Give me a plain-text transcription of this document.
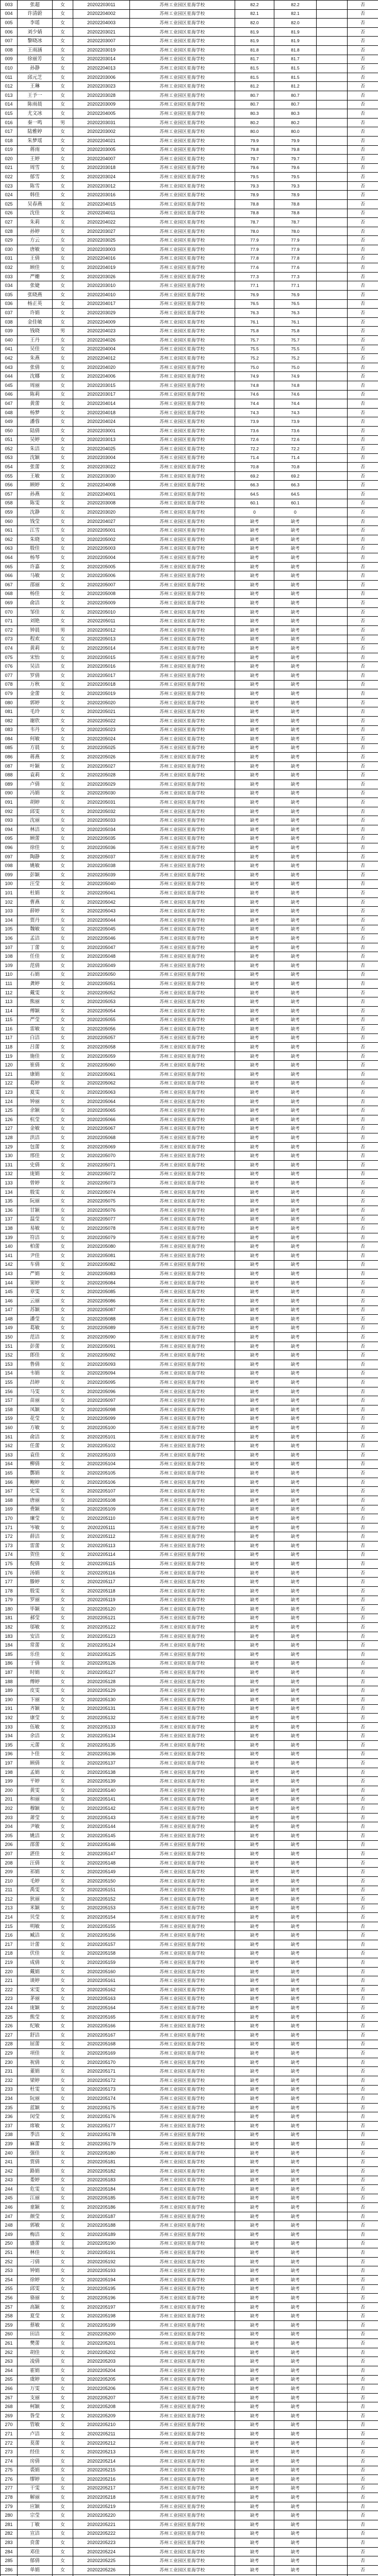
003	张超	女	20202203011	苏州工业园区星海学校	82.2	82.2		否
004	许清蔚	女	20202204002	苏州工业园区星海学校	82.1	82.1		否
005	李瑶	女	20202204003	苏州工业园区星海学校	82.0	82.0		否
006	刘少婧	女	20202203021	苏州工业园区星海学校	81.9	81.9		否
007	黎晓冰	女	20202203007	苏州工业园区星海学校	81.9	81.9		否
008	王雨涵	女	20202203019	苏州工业园区星海学校	81.8	81.8		否
009	徐丽芳	女	20202203014	苏州工业园区星海学校	81.7	81.7		否
010	孙静	女	20202204013	苏州工业园区星海学校	81.5	81.5		否
011	邱元芝	女	20202203006	苏州工业园区星海学校	81.5	81.5		否
012	王琳	女	20202203023	苏州工业园区星海学校	81.2	81.2		否
013	王予一	女	20202203028	苏州工业园区星海学校	80.7	80.7		否
014	陈雨晨	女	20202203009	苏州工业园区星海学校	80.7	80.7		否
015	尤文冰	女	20202204005	苏州工业园区星海学校	80.3	80.3		否
016	秦一鸣	男	20202203031	苏州工业园区星海学校	80.2	80.2		否
017	陆雅婷	女	20202203002	苏州工业园区星海学校	80.0	80.0		否
018	朱梦瑶	女	20202204021	苏州工业园区星海学校	79.9	79.9		否
019	蒋雨	女	20202203005	苏州工业园区星海学校	79.8	79.8		否
020	王婷	女	20202204007	苏州工业园区星海学校	79.7	79.7		否
021	周雪	女	20202203018	苏州工业园区星海学校	79.6	79.6		否
022	郁雪	女	20202203024	苏州工业园区星海学校	79.5	79.5		否
023	陈雪	女	20202203012	苏州工业园区星海学校	79.3	79.3		否
024	韩佳	女	20202203016	苏州工业园区星海学校	78.9	78.9		否
025	吴春燕	女	20202204015	苏州工业园区星海学校	78.8	78.8		否
026	沈佳	女	20202204011	苏州工业园区星海学校	78.8	78.8		否
027	朱莉	女	20202204022	苏州工业园区星海学校	78.7	78.7		否
028	孙婷	女	20202203027	苏州工业园区星海学校	78.0	78.0		否
029	方云	女	20202203025	苏州工业园区星海学校	77.9	77.9		否
030	唐敏	女	20202203003	苏州工业园区星海学校	77.9	77.9		否
031	王倩	女	20202204016	苏州工业园区星海学校	77.8	77.8		否
032	顾佳	女	20202204019	苏州工业园区星海学校	77.6	77.6		否
033	严姗	女	20202203026	苏州工业园区星海学校	77.3	77.3		否
034	张婕	女	20202203010	苏州工业园区星海学校	77.1	77.1		否
035	张晓燕	女	20202204010	苏州工业园区星海学校	76.9	76.9		否
036	杨正英	女	20202204017	苏州工业园区星海学校	76.5	76.5		否
037	许娟	女	20202203029	苏州工业园区星海学校	76.3	76.3		否
038	金佳敏	女	20202204009	苏州工业园区星海学校	76.1	76.1		否
039	钱晓	男	20202204023	苏州工业园区星海学校	75.8	75.8		否
040	王丹	女	20202204026	苏州工业园区星海学校	75.7	75.7		否
041	吴佳	女	20202204004	苏州工业园区星海学校	75.5	75.5		否
042	朱燕	女	20202204012	苏州工业园区星海学校	75.2	75.2		否
043	张倩	女	20202204020	苏州工业园区星海学校	75.0	75.0		否
044	沈娜	女	20202204006	苏州工业园区星海学校	74.9	74.9		否
045	周丽	女	20202203015	苏州工业园区星海学校	74.8	74.8		否
046	陈莉	女	20202203017	苏州工业园区星海学校	74.6	74.6		否
047	黄蕾	女	20202204014	苏州工业园区星海学校	74.4	74.4		否
048	杨梦	女	20202204018	苏州工业园区星海学校	74.3	74.3		否
049	潘蓉	女	20202204024	苏州工业园区星海学校	73.9	73.9		否
050	陆倩	女	20202203001	苏州工业园区星海学校	73.6	73.6		否
051	吴婷	女	20202203013	苏州工业园区星海学校	72.6	72.6		否
052	朱洁	女	20202204025	苏州工业园区星海学校	72.2	72.2		否
053	沈颖	女	20202203004	苏州工业园区星海学校	71.4	71.4		否
054	张蕾	女	20202203022	苏州工业园区星海学校	70.8	70.8		否
055	王敏	女	20202203030	苏州工业园区星海学校	69.2	69.2		否
056	顾婷	女	20202204008	苏州工业园区星海学校	66.3	66.3		否
057	孙燕	女	20202204001	苏州工业园区星海学校	64.5	64.5		否
058	陈雯	女	20202203008	苏州工业园区星海学校	60.1	60.1		否
059	沈静	女	20202203020	苏州工业园区星海学校	0	0		否
060	钱莹	女	20202204027	苏州工业园区星海学校	缺考	缺考		否
061	江雪	女	20202205001	苏州工业园区星海学校	缺考	缺考		否
062	朱晓	女	20202205002	苏州工业园区星海学校	缺考	缺考		否
063	殷佳	女	20202205003	苏州工业园区星海学校	缺考	缺考		否
064	杨琴	女	20202205004	苏州工业园区星海学校	缺考	缺考		否
065	许嘉	女	20202205005	苏州工业园区星海学校	缺考	缺考		否
066	马敏	女	20202205006	苏州工业园区星海学校	缺考	缺考		否
067	邵丽	女	20202205007	苏州工业园区星海学校	缺考	缺考		否
068	杨佳	女	20202205008	苏州工业园区星海学校	缺考	缺考		否
069	俞洁	女	20202205009	苏州工业园区星海学校	缺考	缺考		否
070	邹佳	女	20202205010	苏州工业园区星海学校	缺考	缺考		否
071	刘艳	女	20202205011	苏州工业园区星海学校	缺考	缺考		否
072	钟晨	男	20202205012	苏州工业园区星海学校	缺考	缺考		否
073	程欢	女	20202205013	苏州工业园区星海学校	缺考	缺考		否
074	黄莉	女	20202205014	苏州工业园区星海学校	缺考	缺考		否
075	宋怡	女	20202205015	苏州工业园区星海学校	缺考	缺考		否
076	吴洁	女	20202205016	苏州工业园区星海学校	缺考	缺考		否
077	罗倩	女	20202205017	苏州工业园区星海学校	缺考	缺考		否
078	万秋	女	20202205018	苏州工业园区星海学校	缺考	缺考		否
079	金蕾	女	20202205019	苏州工业园区星海学校	缺考	缺考		否
080	郭婷	女	20202205020	苏州工业园区星海学校	缺考	缺考		否
081	毛玲	女	20202205021	苏州工业园区星海学校	缺考	缺考		否
082	谢欣	女	20202205022	苏州工业园区星海学校	缺考	缺考		否
083	韦丹	女	20202205023	苏州工业园区星海学校	缺考	缺考		否
084	何敏	女	20202205024	苏州工业园区星海学校	缺考	缺考		否
085	方晨	女	20202205025	苏州工业园区星海学校	缺考	缺考		否
086	蒋燕	女	20202205026	苏州工业园区星海学校	缺考	缺考		否
087	叶颖	女	20202205027	苏州工业园区星海学校	缺考	缺考		否
088	袁莉	女	20202205028	苏州工业园区星海学校	缺考	缺考		否
089	卢倩	女	20202205029	苏州工业园区星海学校	缺考	缺考		否
090	冯娟	女	20202205030	苏州工业园区星海学校	缺考	缺考		否
091	胡婷	女	20202205031	苏州工业园区星海学校	缺考	缺考		否
092	邱雯	女	20202205032	苏州工业园区星海学校	缺考	缺考		否
093	沈丽	女	20202205033	苏州工业园区星海学校	缺考	缺考		否
094	林洁	女	20202205034	苏州工业园区星海学校	缺考	缺考		否
095	顾蕾	女	20202205035	苏州工业园区星海学校	缺考	缺考		否
096	徐佳	女	20202205036	苏州工业园区星海学校	缺考	缺考		否
097	陶静	女	20202205037	苏州工业园区星海学校	缺考	缺考		否
098	姚敏	女	20202205038	苏州工业园区星海学校	缺考	缺考		否
099	彭颖	女	20202205039	苏州工业园区星海学校	缺考	缺考		否
100	汪莹	女	20202205040	苏州工业园区星海学校	缺考	缺考		否
101	杜娟	女	20202205041	苏州工业园区星海学校	缺考	缺考		否
102	曹燕	女	20202205042	苏州工业园区星海学校	缺考	缺考		否
103	薛婷	女	20202205043	苏州工业园区星海学校	缺考	缺考		否
104	贾丹	女	20202205044	苏州工业园区星海学校	缺考	缺考		否
105	魏敏	女	20202205045	苏州工业园区星海学校	缺考	缺考		否
106	孟洁	女	20202205046	苏州工业园区星海学校	缺考	缺考		否
107	丁蕾	女	20202205047	苏州工业园区星海学校	缺考	缺考		否
108	任佳	女	20202205048	苏州工业园区星海学校	缺考	缺考		否
109	范倩	女	20202205049	苏州工业园区星海学校	缺考	缺考		否
110	石娟	女	20202205050	苏州工业园区星海学校	缺考	缺考		否
111	龚婷	女	20202205051	苏州工业园区星海学校	缺考	缺考		否
112	戴雯	女	20202205052	苏州工业园区星海学校	缺考	缺考		否
113	熊丽	女	20202205053	苏州工业园区星海学校	缺考	缺考		否
114	傅颖	女	20202205054	苏州工业园区星海学校	缺考	缺考		否
115	严莹	女	20202205055	苏州工业园区星海学校	缺考	缺考		否
116	雷敏	女	20202205056	苏州工业园区星海学校	缺考	缺考		否
117	白洁	女	20202205057	苏州工业园区星海学校	缺考	缺考		否
118	吕蕾	女	20202205058	苏州工业园区星海学校	缺考	缺考		否
119	施佳	女	20202205059	苏州工业园区星海学校	缺考	缺考		否
120	崔倩	女	20202205060	苏州工业园区星海学校	缺考	缺考		否
121	康娟	女	20202205061	苏州工业园区星海学校	缺考	缺考		否
122	葛婷	女	20202205062	苏州工业园区星海学校	缺考	缺考		否
123	夏雯	女	20202205063	苏州工业园区星海学校	缺考	缺考		否
124	钟丽	女	20202205064	苏州工业园区星海学校	缺考	缺考		否
125	余颖	女	20202205065	苏州工业园区星海学校	缺考	缺考		否
126	杭莹	女	20202205066	苏州工业园区星海学校	缺考	缺考		否
127	金敏	女	20202205067	苏州工业园区星海学校	缺考	缺考		否
128	洪洁	女	20202205068	苏州工业园区星海学校	缺考	缺考		否
129	包蕾	女	20202205069	苏州工业园区星海学校	缺考	缺考		否
130	邢佳	女	20202205070	苏州工业园区星海学校	缺考	缺考		否
131	史倩	女	20202205071	苏州工业园区星海学校	缺考	缺考		否
132	庞娟	女	20202205072	苏州工业园区星海学校	缺考	缺考		否
133	曾婷	女	20202205073	苏州工业园区星海学校	缺考	缺考		否
134	殷雯	女	20202205074	苏州工业园区星海学校	缺考	缺考		否
135	阮丽	女	20202205075	苏州工业园区星海学校	缺考	缺考		否
136	甘颖	女	20202205076	苏州工业园区星海学校	缺考	缺考		否
137	温莹	女	20202205077	苏州工业园区星海学校	缺考	缺考		否
138	易敏	女	20202205078	苏州工业园区星海学校	缺考	缺考		否
139	符洁	女	20202205079	苏州工业园区星海学校	缺考	缺考		否
140	柏蕾	女	20202205080	苏州工业园区星海学校	缺考	缺考		否
141	尹佳	女	20202205081	苏州工业园区星海学校	缺考	缺考		否
142	车倩	女	20202205082	苏州工业园区星海学校	缺考	缺考		否
143	严娟	女	20202205083	苏州工业园区星海学校	缺考	缺考		否
144	窦婷	女	20202205084	苏州工业园区星海学校	缺考	缺考		否
145	章雯	女	20202205085	苏州工业园区星海学校	缺考	缺考		否
146	云丽	女	20202205086	苏州工业园区星海学校	缺考	缺考		否
147	苏颖	女	20202205087	苏州工业园区星海学校	缺考	缺考		否
148	潘莹	女	20202205088	苏州工业园区星海学校	缺考	缺考		否
149	葛敏	女	20202205089	苏州工业园区星海学校	缺考	缺考		否
150	范洁	女	20202205090	苏州工业园区星海学校	缺考	缺考		否
151	彭蕾	女	20202205091	苏州工业园区星海学校	缺考	缺考		否
152	郎佳	女	20202205092	苏州工业园区星海学校	缺考	缺考		否
153	鲁倩	女	20202205093	苏州工业园区星海学校	缺考	缺考		否
154	韦娟	女	20202205094	苏州工业园区星海学校	缺考	缺考		否
155	昌婷	女	20202205095	苏州工业园区星海学校	缺考	缺考		否
156	马雯	女	20202205096	苏州工业园区星海学校	缺考	缺考		否
157	苗丽	女	20202205097	苏州工业园区星海学校	缺考	缺考		否
158	凤颖	女	20202205098	苏州工业园区星海学校	缺考	缺考		否
159	花莹	女	20202205099	苏州工业园区星海学校	缺考	缺考		否
160	方敏	女	20202205100	苏州工业园区星海学校	缺考	缺考		否
161	俞洁	女	20202205101	苏州工业园区星海学校	缺考	缺考		否
162	任蕾	女	20202205102	苏州工业园区星海学校	缺考	缺考		否
163	袁佳	女	20202205103	苏州工业园区星海学校	缺考	缺考		否
164	柳倩	女	20202205104	苏州工业园区星海学校	缺考	缺考		否
165	酆娟	女	20202205105	苏州工业园区星海学校	缺考	缺考		否
166	鲍婷	女	20202205106	苏州工业园区星海学校	缺考	缺考		否
167	史雯	女	20202205107	苏州工业园区星海学校	缺考	缺考		否
168	唐丽	女	20202205108	苏州工业园区星海学校	缺考	缺考		否
169	费颖	女	20202205109	苏州工业园区星海学校	缺考	缺考		否
170	廉莹	女	20202205110	苏州工业园区星海学校	缺考	缺考		否
171	岑敏	女	20202205111	苏州工业园区星海学校	缺考	缺考		否
172	薛洁	女	20202205112	苏州工业园区星海学校	缺考	缺考		否
173	雷蕾	女	20202205113	苏州工业园区星海学校	缺考	缺考		否
174	贺佳	女	20202205114	苏州工业园区星海学校	缺考	缺考		否
175	倪倩	女	20202205115	苏州工业园区星海学校	缺考	缺考		否
176	汤娟	女	20202205116	苏州工业园区星海学校	缺考	缺考		否
177	滕婷	女	20202205117	苏州工业园区星海学校	缺考	缺考		否
178	殷雯	女	20202205118	苏州工业园区星海学校	缺考	缺考		否
179	罗丽	女	20202205119	苏州工业园区星海学校	缺考	缺考		否
180	毕颖	女	20202205120	苏州工业园区星海学校	缺考	缺考		否
181	郝莹	女	20202205121	苏州工业园区星海学校	缺考	缺考		否
182	邬敏	女	20202205122	苏州工业园区星海学校	缺考	缺考		否
183	安洁	女	20202205123	苏州工业园区星海学校	缺考	缺考		否
184	常蕾	女	20202205124	苏州工业园区星海学校	缺考	缺考		否
185	乐佳	女	20202205125	苏州工业园区星海学校	缺考	缺考		否
186	于倩	女	20202205126	苏州工业园区星海学校	缺考	缺考		否
187	时娟	女	20202205127	苏州工业园区星海学校	缺考	缺考		否
188	傅婷	女	20202205128	苏州工业园区星海学校	缺考	缺考		否
189	皮雯	女	20202205129	苏州工业园区星海学校	缺考	缺考		否
190	卞丽	女	20202205130	苏州工业园区星海学校	缺考	缺考		否
191	齐颖	女	20202205131	苏州工业园区星海学校	缺考	缺考		否
192	康莹	女	20202205132	苏州工业园区星海学校	缺考	缺考		否
193	伍敏	女	20202205133	苏州工业园区星海学校	缺考	缺考		否
194	余洁	女	20202205134	苏州工业园区星海学校	缺考	缺考		否
195	元蕾	女	20202205135	苏州工业园区星海学校	缺考	缺考		否
196	卜佳	女	20202205136	苏州工业园区星海学校	缺考	缺考		否
197	顾倩	女	20202205137	苏州工业园区星海学校	缺考	缺考		否
198	孟娟	女	20202205138	苏州工业园区星海学校	缺考	缺考		否
199	平婷	女	20202205139	苏州工业园区星海学校	缺考	缺考		否
200	黄雯	女	20202205140	苏州工业园区星海学校	缺考	缺考		否
201	和丽	女	20202205141	苏州工业园区星海学校	缺考	缺考		否
202	穆颖	女	20202205142	苏州工业园区星海学校	缺考	缺考		否
203	萧莹	女	20202205143	苏州工业园区星海学校	缺考	缺考		否
204	尹敏	女	20202205144	苏州工业园区星海学校	缺考	缺考		否
205	姚洁	女	20202205145	苏州工业园区星海学校	缺考	缺考		否
206	邵蕾	女	20202205146	苏州工业园区星海学校	缺考	缺考		否
207	湛佳	女	20202205147	苏州工业园区星海学校	缺考	缺考		否
208	汪倩	女	20202205148	苏州工业园区星海学校	缺考	缺考		否
209	祁娟	女	20202205149	苏州工业园区星海学校	缺考	缺考		否
210	毛婷	女	20202205150	苏州工业园区星海学校	缺考	缺考		否
211	禹雯	女	20202205151	苏州工业园区星海学校	缺考	缺考		否
212	狄丽	女	20202205152	苏州工业园区星海学校	缺考	缺考		否
213	米颖	女	20202205153	苏州工业园区星海学校	缺考	缺考		否
214	贝莹	女	20202205154	苏州工业园区星海学校	缺考	缺考		否
215	明敏	女	20202205155	苏州工业园区星海学校	缺考	缺考		否
216	臧洁	女	20202205156	苏州工业园区星海学校	缺考	缺考		否
217	计蕾	女	20202205157	苏州工业园区星海学校	缺考	缺考		否
218	伏佳	女	20202205158	苏州工业园区星海学校	缺考	缺考		否
219	成倩	女	20202205159	苏州工业园区星海学校	缺考	缺考		否
220	戴娟	女	20202205160	苏州工业园区星海学校	缺考	缺考		否
221	谈婷	女	20202205161	苏州工业园区星海学校	缺考	缺考		否
222	宋雯	女	20202205162	苏州工业园区星海学校	缺考	缺考		否
223	茅丽	女	20202205163	苏州工业园区星海学校	缺考	缺考		否
224	庞颖	女	20202205164	苏州工业园区星海学校	缺考	缺考		否
225	熊莹	女	20202205165	苏州工业园区星海学校	缺考	缺考		否
226	纪敏	女	20202205166	苏州工业园区星海学校	缺考	缺考		否
227	舒洁	女	20202205167	苏州工业园区星海学校	缺考	缺考		否
228	屈蕾	女	20202205168	苏州工业园区星海学校	缺考	缺考		否
229	项佳	女	20202205169	苏州工业园区星海学校	缺考	缺考		否
230	祝倩	女	20202205170	苏州工业园区星海学校	缺考	缺考		否
231	董娟	女	20202205171	苏州工业园区星海学校	缺考	缺考		否
232	梁婷	女	20202205172	苏州工业园区星海学校	缺考	缺考		否
233	杜雯	女	20202205173	苏州工业园区星海学校	缺考	缺考		否
234	阮丽	女	20202205174	苏州工业园区星海学校	缺考	缺考		否
235	蓝颖	女	20202205175	苏州工业园区星海学校	缺考	缺考		否
236	闵莹	女	20202205176	苏州工业园区星海学校	缺考	缺考		否
237	席敏	女	20202205177	苏州工业园区星海学校	缺考	缺考		否
238	季洁	女	20202205178	苏州工业园区星海学校	缺考	缺考		否
239	麻蕾	女	20202205179	苏州工业园区星海学校	缺考	缺考		否
240	强佳	女	20202205180	苏州工业园区星海学校	缺考	缺考		否
241	贾倩	女	20202205181	苏州工业园区星海学校	缺考	缺考		否
242	路娟	女	20202205182	苏州工业园区星海学校	缺考	缺考		否
243	娄婷	女	20202205183	苏州工业园区星海学校	缺考	缺考		否
244	危雯	女	20202205184	苏州工业园区星海学校	缺考	缺考		否
245	江丽	女	20202205185	苏州工业园区星海学校	缺考	缺考		否
246	童颖	女	20202205186	苏州工业园区星海学校	缺考	缺考		否
247	颜莹	女	20202205187	苏州工业园区星海学校	缺考	缺考		否
248	郭敏	女	20202205188	苏州工业园区星海学校	缺考	缺考		否
249	梅洁	女	20202205189	苏州工业园区星海学校	缺考	缺考		否
250	盛蕾	女	20202205190	苏州工业园区星海学校	缺考	缺考		否
251	林佳	女	20202205191	苏州工业园区星海学校	缺考	缺考		否
252	刁倩	女	20202205192	苏州工业园区星海学校	缺考	缺考		否
253	钟娟	女	20202205193	苏州工业园区星海学校	缺考	缺考		否
254	徐婷	女	20202205194	苏州工业园区星海学校	缺考	缺考		否
255	邱雯	女	20202205195	苏州工业园区星海学校	缺考	缺考		否
256	骆丽	女	20202205196	苏州工业园区星海学校	缺考	缺考		否
257	高颖	女	20202205197	苏州工业园区星海学校	缺考	缺考		否
258	夏莹	女	20202205198	苏州工业园区星海学校	缺考	缺考		否
259	蔡敏	女	20202205199	苏州工业园区星海学校	缺考	缺考		否
260	田洁	女	20202205200	苏州工业园区星海学校	缺考	缺考		否
261	樊蕾	女	20202205201	苏州工业园区星海学校	缺考	缺考		否
262	胡佳	女	20202205202	苏州工业园区星海学校	缺考	缺考		否
263	凌倩	女	20202205203	苏州工业园区星海学校	缺考	缺考		否
264	霍娟	女	20202205204	苏州工业园区星海学校	缺考	缺考		否
265	虞婷	女	20202205205	苏州工业园区星海学校	缺考	缺考		否
266	万雯	女	20202205206	苏州工业园区星海学校	缺考	缺考		否
267	支丽	女	20202205207	苏州工业园区星海学校	缺考	缺考		否
268	柯颖	女	20202205208	苏州工业园区星海学校	缺考	缺考		否
269	昝莹	女	20202205209	苏州工业园区星海学校	缺考	缺考		否
270	管敏	女	20202205210	苏州工业园区星海学校	缺考	缺考		否
271	卢洁	女	20202205211	苏州工业园区星海学校	缺考	缺考		否
272	莫蕾	女	20202205212	苏州工业园区星海学校	缺考	缺考		否
273	经佳	女	20202205213	苏州工业园区星海学校	缺考	缺考		否
274	房倩	女	20202205214	苏州工业园区星海学校	缺考	缺考		否
275	裘娟	女	20202205215	苏州工业园区星海学校	缺考	缺考		否
276	缪婷	女	20202205216	苏州工业园区星海学校	缺考	缺考		否
277	干雯	女	20202205217	苏州工业园区星海学校	缺考	缺考		否
278	解丽	女	20202205218	苏州工业园区星海学校	缺考	缺考		否
279	应颖	女	20202205219	苏州工业园区星海学校	缺考	缺考		否
280	宗莹	女	20202205220	苏州工业园区星海学校	缺考	缺考		否
281	丁敏	女	20202205221	苏州工业园区星海学校	缺考	缺考		否
282	宣洁	女	20202205222	苏州工业园区星海学校	缺考	缺考		否
283	贲蕾	女	20202205223	苏州工业园区星海学校	缺考	缺考		否
284	邓佳	女	20202205224	苏州工业园区星海学校	缺考	缺考		否
285	郁倩	女	20202205225	苏州工业园区星海学校	缺考	缺考		否
286	单娟	女	20202205226	苏州工业园区星海学校	缺考	缺考		否
